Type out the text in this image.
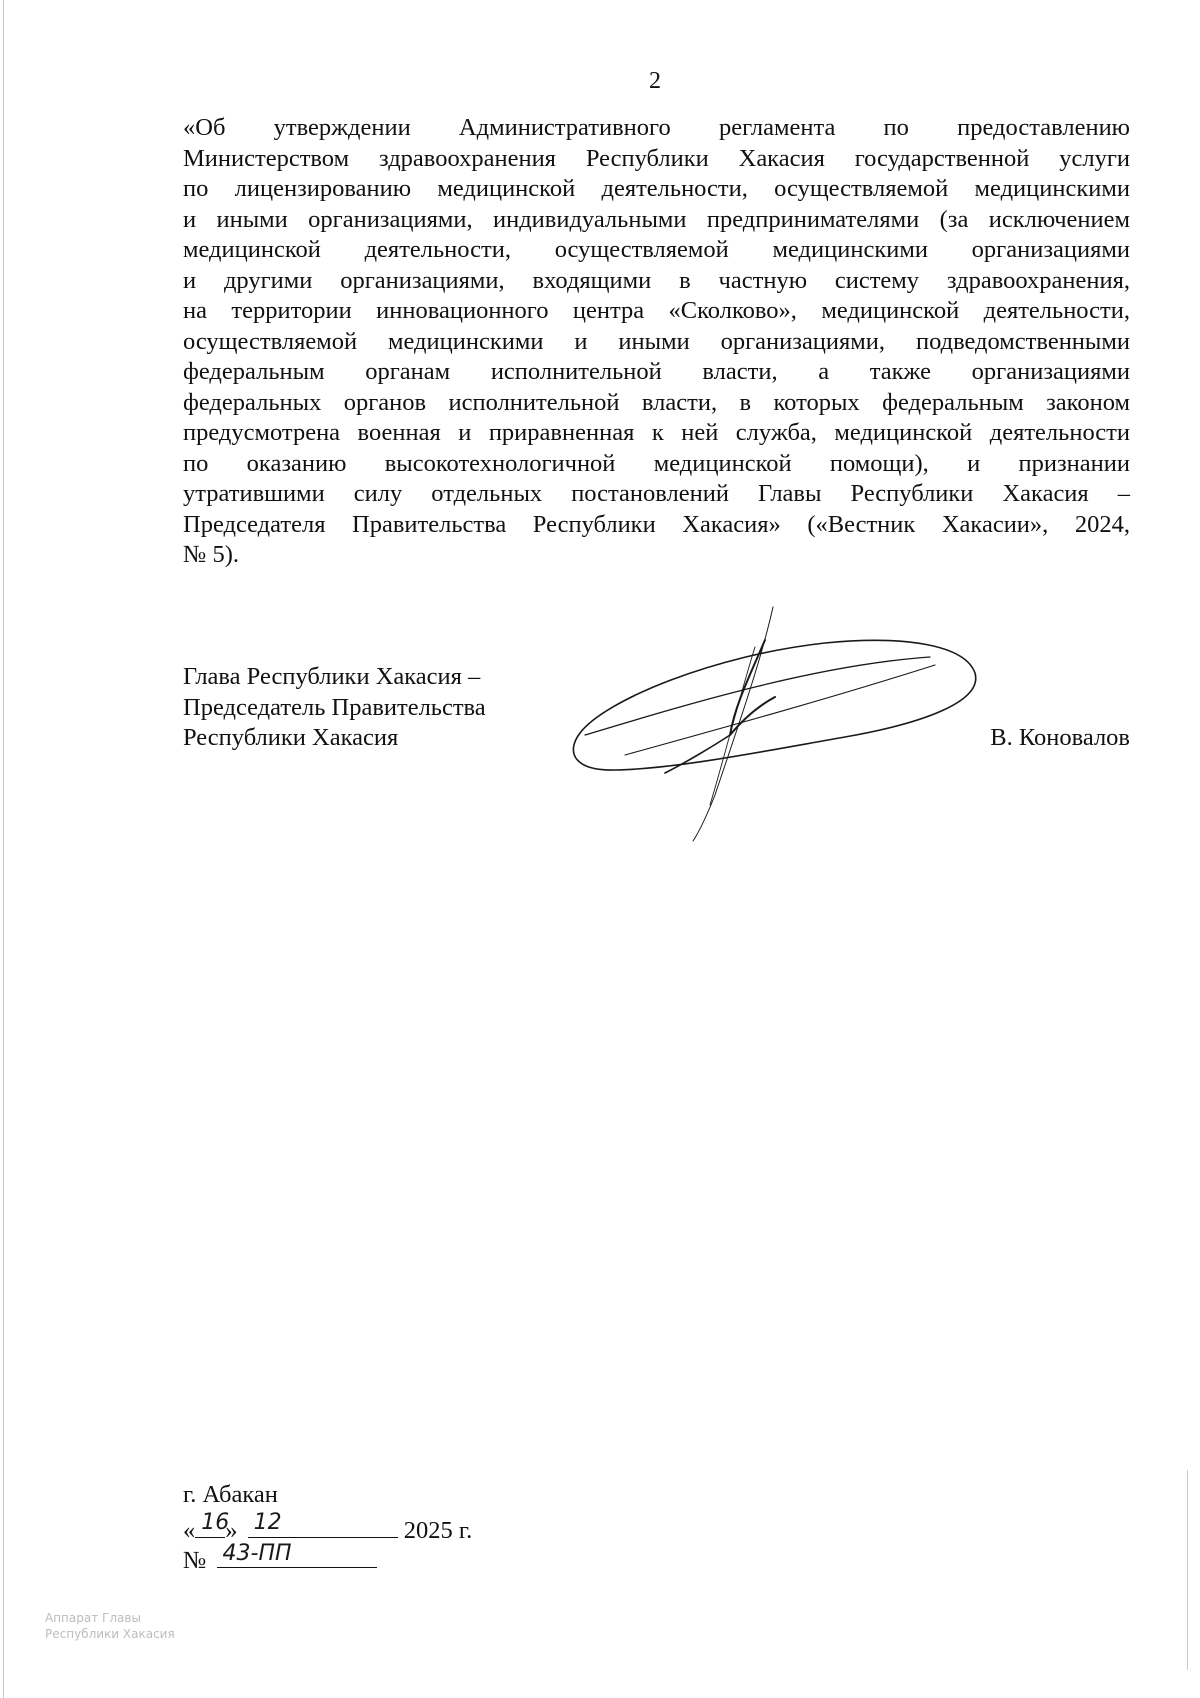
2
«Об утверждении Административного регламента по предоставлению
Министерством здравоохранения Республики Хакасия государственной услуги
по лицензированию медицинской деятельности, осуществляемой медицинскими
и иными организациями, индивидуальными предпринимателями (за исключением
медицинской деятельности, осуществляемой медицинскими организациями
и другими организациями, входящими в частную систему здравоохранения,
на территории инновационного центра «Сколково», медицинской деятельности,
осуществляемой медицинскими и иными организациями, подведомственными
федеральным органам исполнительной власти, а также организациями
федеральных органов исполнительной власти, в которых федеральным законом
предусмотрена военная и приравненная к ней служба, медицинской деятельности
по оказанию высокотехнологичной медицинской помощи), и признании
утратившими силу отдельных постановлений Главы Республики Хакасия –
Председателя Правительства Республики Хакасия» («Вестник Хакасии», 2024,
№ 5).
Глава Республики Хакасия –
Председатель Правительства
Республики Хакасия	В. Коновалов
г. Абакан
« 16
» 12	2025 г.
№ 43-ПП
Аппарат Главы
Республики Хакасия
